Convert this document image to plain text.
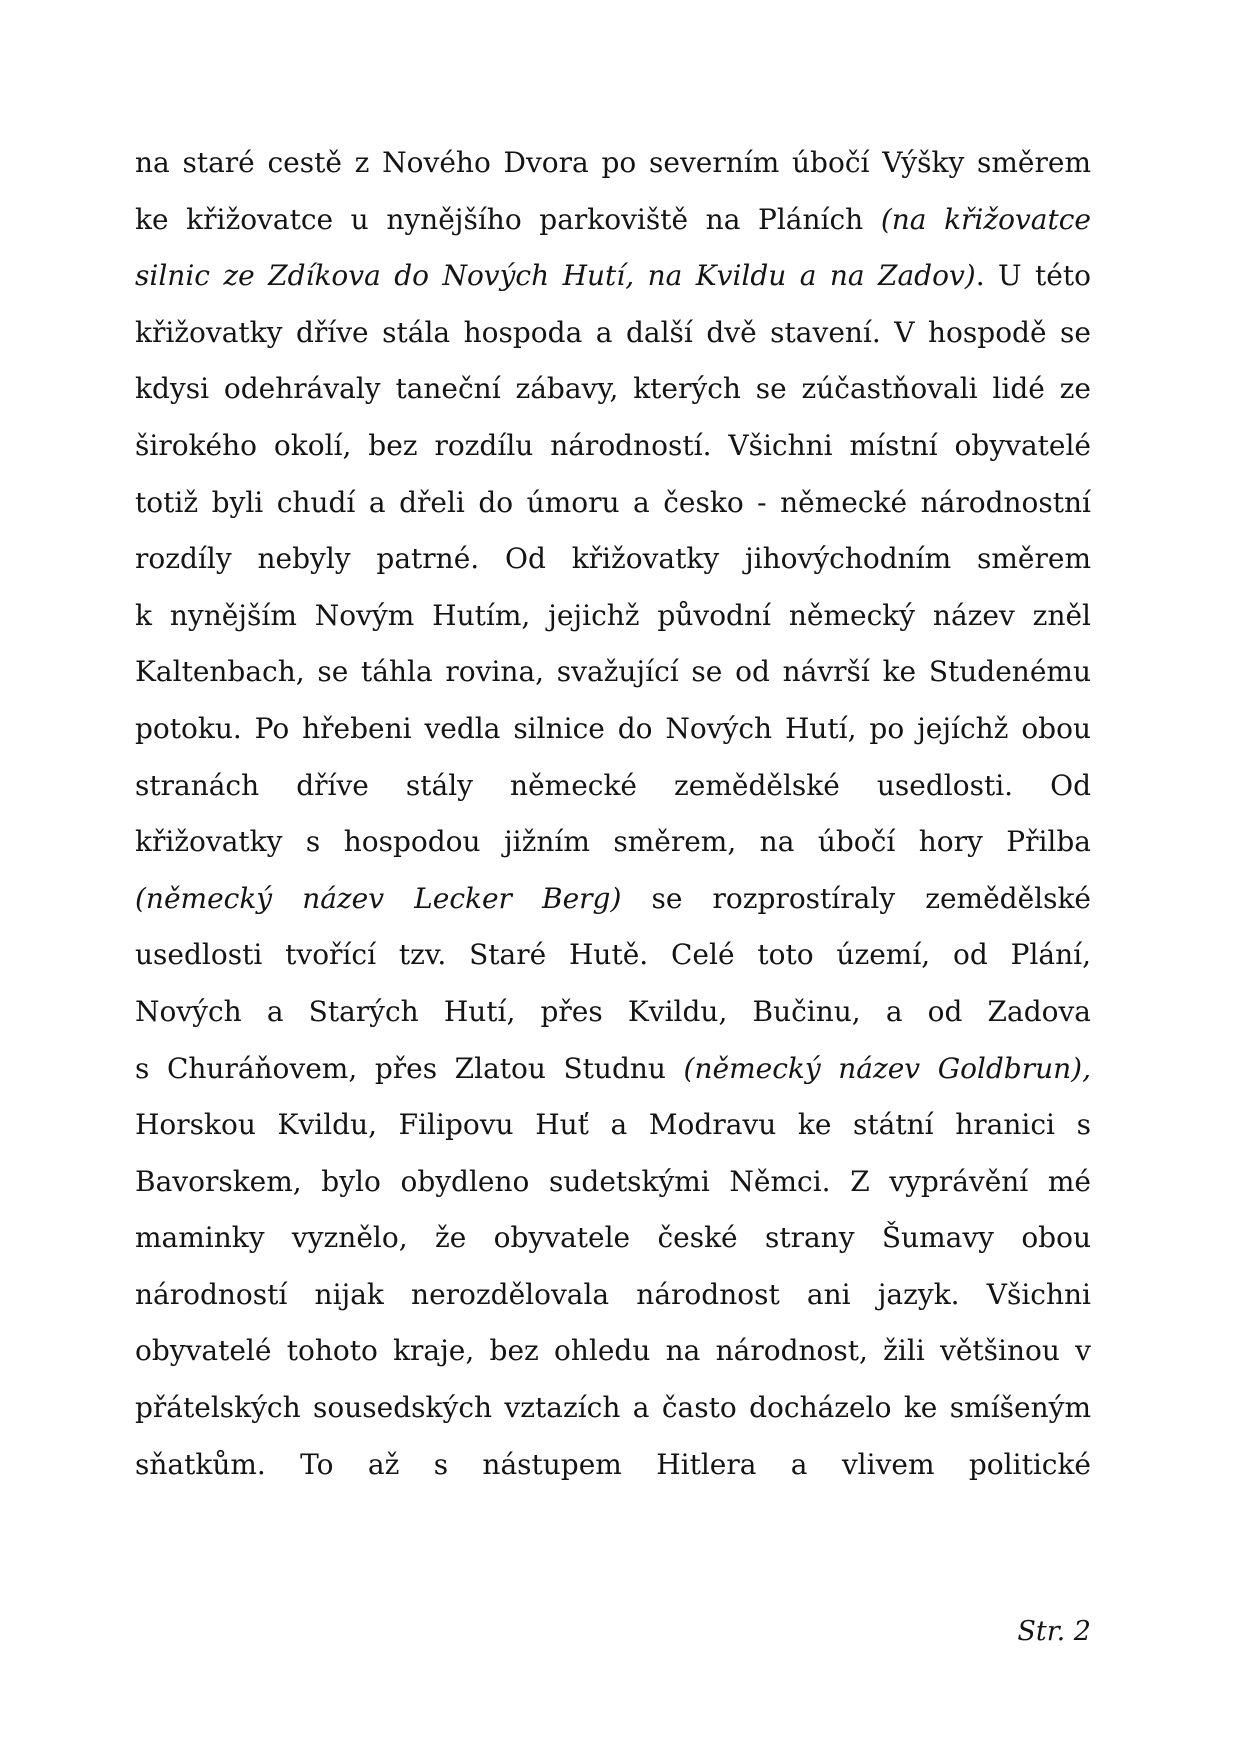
na staré cestě z Nového Dvora po severním úbočí Výšky směrem
ke křižovatce u nynějšího parkoviště na Pláních (na křižovatce
silnic ze Zdíkova do Nových Hutí, na Kvildu a na Zadov). U této
křižovatky dříve stála hospoda a další dvě stavení. V hospodě se
kdysi odehrávaly taneční zábavy, kterých se zúčastňovali lidé ze
širokého okolí, bez rozdílu národností. Všichni místní obyvatelé
totiž byli chudí a dřeli do úmoru a česko - německé národnostní
rozdíly nebyly patrné. Od křižovatky jihovýchodním směrem
k nynějším Novým Hutím, jejichž původní německý název zněl
Kaltenbach, se táhla rovina, svažující se od návrší ke Studenému
potoku. Po hřebeni vedla silnice do Nových Hutí, po jejíchž obou
stranách dříve stály německé zemědělské usedlosti. Od
křižovatky s hospodou jižním směrem, na úbočí hory Přilba
(německý název Lecker Berg) se rozprostíraly zemědělské
usedlosti tvořící tzv. Staré Hutě. Celé toto území, od Plání,
Nových a Starých Hutí, přes Kvildu, Bučinu, a od Zadova
s Churáňovem, přes Zlatou Studnu (německý název Goldbrun),
Horskou Kvildu, Filipovu Huť a Modravu ke státní hranici s
Bavorskem, bylo obydleno sudetskými Němci. Z vyprávění mé
maminky vyznělo, že obyvatele české strany Šumavy obou
národností nijak nerozdělovala národnost ani jazyk. Všichni
obyvatelé tohoto kraje, bez ohledu na národnost, žili většinou v
přátelských sousedských vztazích a často docházelo ke smíšeným
sňatkům. To až s nástupem Hitlera a vlivem politické
Str. 2
